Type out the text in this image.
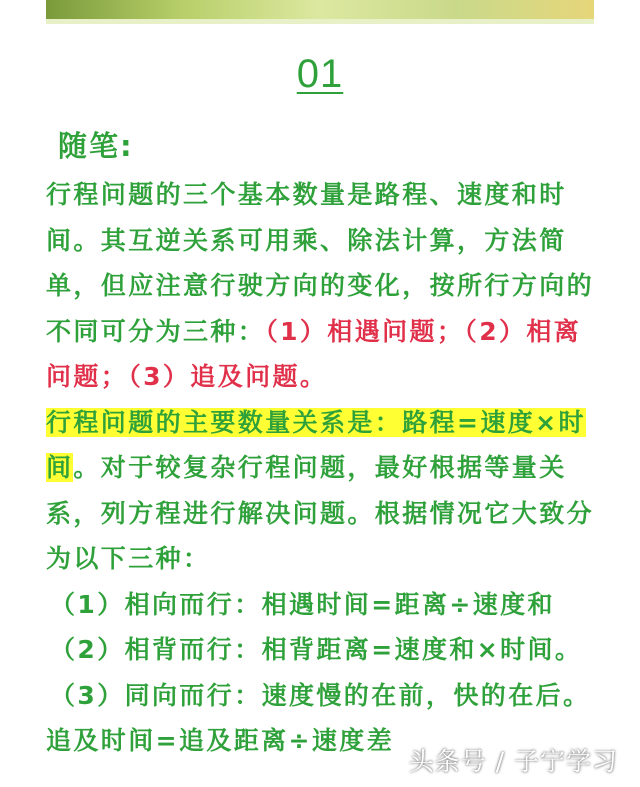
01
随笔:

行程问题的三个基本数量是路程、速度和时间。其互逆关系可用乘、除法计算，方法简单，但应注意行驶方向的变化，按所行方向的不同可分为三种：（1）相遇问题；（2）相离问题；（3）追及问题。

行程问题的主要数量关系是：路程=速度×时间。对于较复杂行程问题，最好根据等量关系，列方程进行解决问题。根据情况它大致分为以下三种：

（1）相向而行：相遇时间=距离÷速度和

（2）相背而行：相背距离=速度和×时间。

（3）同向而行：速度慢的在前，快的在后。

追及时间=追及距离÷速度差

头条号 / 子宁学习
